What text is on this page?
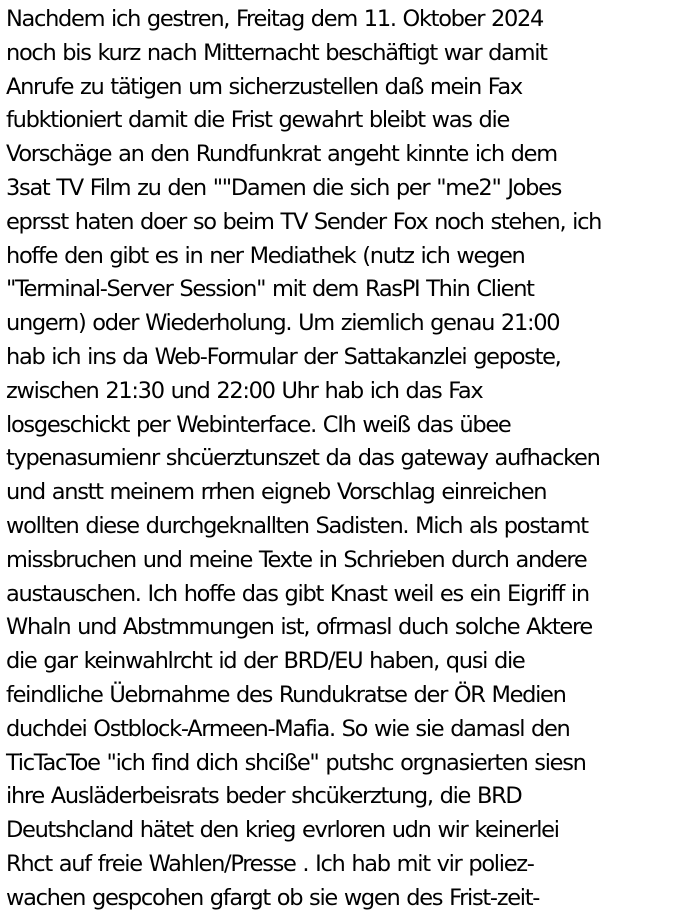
Nachdem ich gestren, Freitag dem 11. Oktober 2024
noch bis kurz nach Mitternacht beschäftigt war damit
Anrufe zu tätigen um sicherzustellen daß mein Fax
fubktioniert damit die Frist gewahrt bleibt was die
Vorschäge an den Rundfunkrat angeht kinnte ich dem
3sat TV Film zu den ""Damen die sich per "me2" Jobes
eprsst haten doer so beim TV Sender Fox noch stehen, ich
hoffe den gibt es in ner Mediathek (nutz ich wegen
"Terminal-Server Session" mit dem RasPI Thin Client
ungern) oder Wiederholung. Um ziemlich genau 21:00
hab ich ins da Web-Formular der Sattakanzlei geposte,
zwischen 21:30 und 22:00 Uhr hab ich das Fax
losgeschickt per Webinterface. CIh weiß das übee
typenasumienr shcüerztunszet da das gateway aufhacken
und anstt meinem rrhen eigneb Vorschlag einreichen
wollten diese durchgeknallten Sadisten. Mich als postamt
missbruchen und meine Texte in Schrieben durch andere
austauschen. Ich hoffe das gibt Knast weil es ein Eigriff in
Whaln und Abstmmungen ist, ofrmasl duch solche Aktere
die gar keinwahlrcht id der BRD/EU haben, qusi die
feindliche Üebrnahme des Rundukratse der ÖR Medien
duchdei Ostblock-Armeen-Mafia. So wie sie damasl den
TicTacToe "ich find dich shciße" putshc orgnasierten siesn
ihre Ausläderbeisrats beder shcükerztung, die BRD
Deutshcland hätet den krieg evrloren udn wir keinerlei
Rhct auf freie Wahlen/Presse . Ich hab mit vir poliez-
wachen gespcohen gfargt ob sie wgen des Frist-zeit-
